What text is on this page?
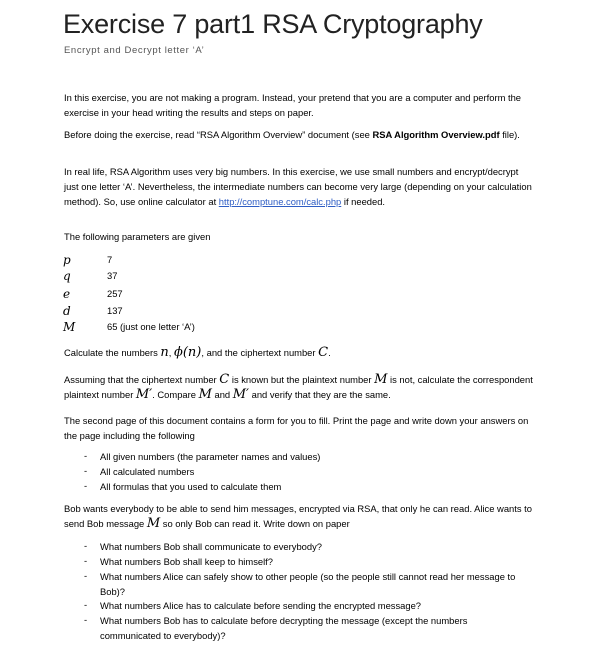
Exercise 7 part1 RSA Cryptography
Encrypt and Decrypt letter ‘A’
In this exercise, you are not making a program. Instead, your pretend that you are a computer and perform the exercise in your head writing the results and steps on paper.
Before doing the exercise, read “RSA Algorithm Overview” document (see RSA Algorithm Overview.pdf file).
In real life, RSA Algorithm uses very big numbers. In this exercise, we use small numbers and encrypt/decrypt just one letter ‘A’. Nevertheless, the intermediate numbers can become very large (depending on your calculation method). So, use online calculator at http://comptune.com/calc.php if needed.
The following parameters are given
p	7
q	37
e	257
d	137
M	65 (just one letter ‘A’)
Calculate the numbers n, ϕ(n), and the ciphertext number C.
Assuming that the ciphertext number C is known but the plaintext number M is not, calculate the correspondent plaintext number M′. Compare M and M′ and verify that they are the same.
The second page of this document contains a form for you to fill. Print the page and write down your answers on the page including the following
- All given numbers (the parameter names and values)
- All calculated numbers
- All formulas that you used to calculate them
Bob wants everybody to be able to send him messages, encrypted via RSA, that only he can read. Alice wants to send Bob message M so only Bob can read it. Write down on paper
- What numbers Bob shall communicate to everybody?
- What numbers Bob shall keep to himself?
- What numbers Alice can safely show to other people (so the people still cannot read her message to Bob)?
- What numbers Alice has to calculate before sending the encrypted message?
- What numbers Bob has to calculate before decrypting the message (except the numbers communicated to everybody)?
